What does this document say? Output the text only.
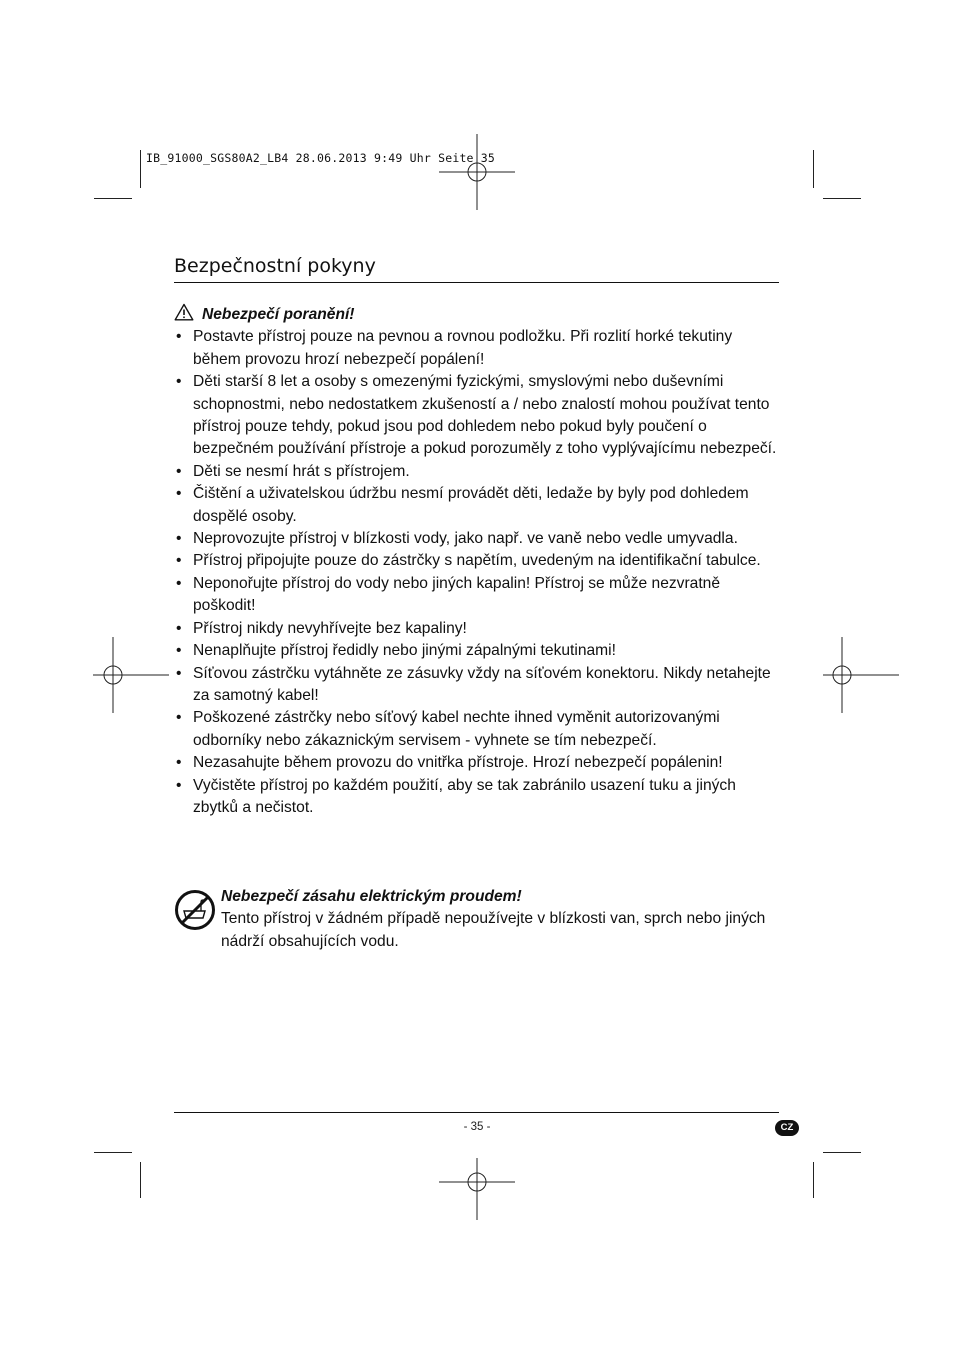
IB_91000_SGS80A2_LB4 28.06.2013 9:49 Uhr Seite 35
Bezpečnostní pokyny
Nebezpečí poranění!
• Postavte přístroj pouze na pevnou a rovnou podložku. Při rozlití horké tekutiny během provozu hrozí nebezpečí popálení!
• Děti starší 8 let a osoby s omezenými fyzickými, smyslovými nebo duševními schopnostmi, nebo nedostatkem zkušeností a / nebo znalostí mohou používat tento přístroj pouze tehdy, pokud jsou pod dohledem nebo pokud byly poučení o bezpečném používání přístroje a pokud porozuměly z toho vyplývajícímu nebezpečí.
• Děti se nesmí hrát s přístrojem.
• Čištění a uživatelskou údržbu nesmí provádět děti, ledaže by byly pod dohledem dospělé osoby.
• Neprovozujte přístroj v blízkosti vody, jako např. ve vaně nebo vedle umyvadla.
• Přístroj připojujte pouze do zástrčky s napětím, uvedeným na identifikační tabulce.
• Neponořujte přístroj do vody nebo jiných kapalin! Přístroj se může nezvratně poškodit!
• Přístroj nikdy nevyhřívejte bez kapaliny!
• Nenaplňujte přístroj ředidly nebo jinými zápalnými tekutinami!
• Síťovou zástrčku vytáhněte ze zásuvky vždy na síťovém konektoru. Nikdy netahejte za samotný kabel!
• Poškozené zástrčky nebo síťový kabel nechte ihned vyměnit autorizovanými odborníky nebo zákaznickým servisem - vyhnete se tím nebezpečí.
• Nezasahujte během provozu do vnitřka přístroje. Hrozí nebezpečí popálenin!
• Vyčistěte přístroj po každém použití, aby se tak zabránilo usazení tuku a jiných zbytků a nečistot.
Nebezpečí zásahu elektrickým proudem!
Tento přístroj v žádném případě nepoužívejte v blízkosti van, sprch nebo jiných nádrží obsahujících vodu.
- 35 -	CZ
